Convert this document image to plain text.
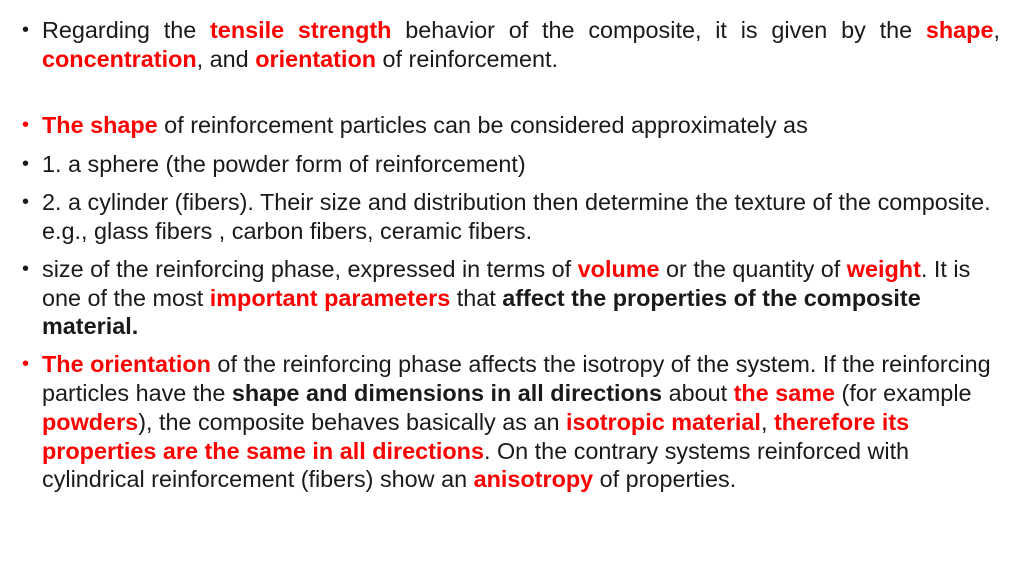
• Regarding the tensile strength behavior of the composite, it is given by the shape, concentration, and orientation of reinforcement.
• The shape of reinforcement particles can be considered approximately as
• 1. a sphere (the powder form of reinforcement)
• 2. a cylinder (fibers). Their size and distribution then determine the texture of the composite. e.g., glass fibers , carbon fibers, ceramic fibers.
• size of the reinforcing phase, expressed in terms of volume or the quantity of weight. It is one of the most important parameters that affect the properties of the composite material.
• The orientation of the reinforcing phase affects the isotropy of the system. If the reinforcing particles have the shape and dimensions in all directions about the same (for example powders), the composite behaves basically as an isotropic material, therefore its properties are the same in all directions. On the contrary systems reinforced with cylindrical reinforcement (fibers) show an anisotropy of properties.
